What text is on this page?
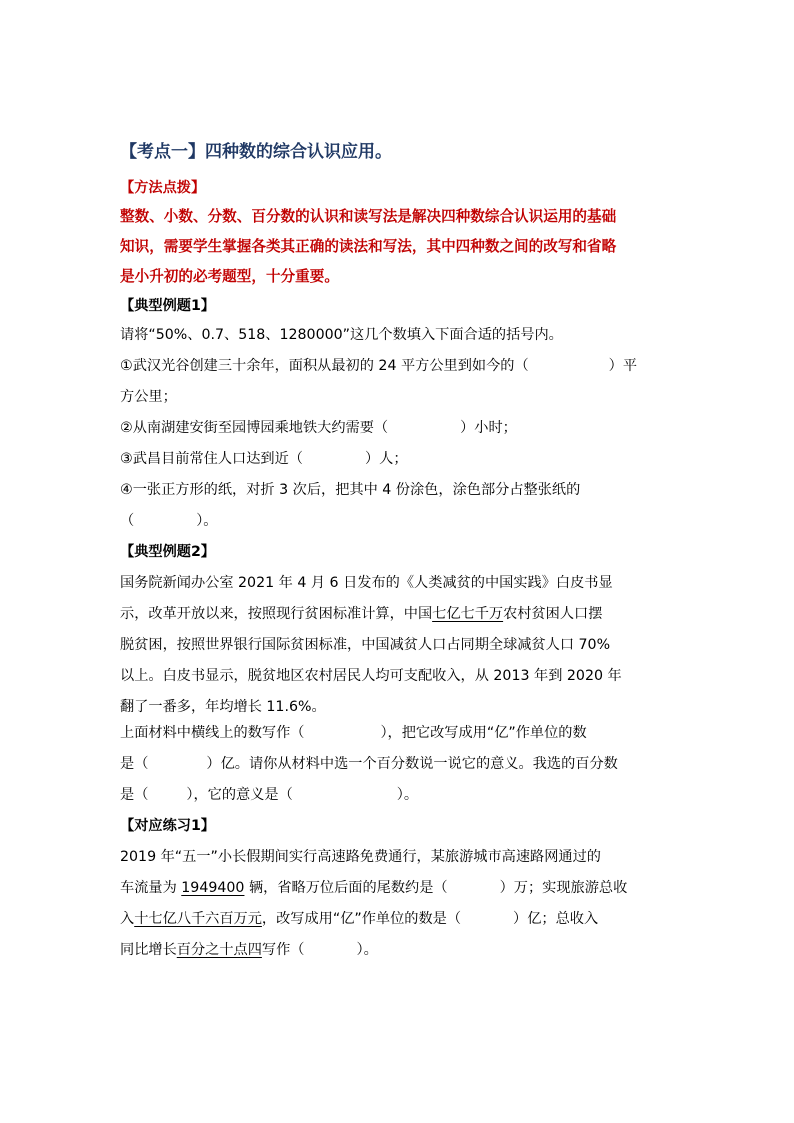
【考点一】四种数的综合认识应用。
【方法点拨】
整数、小数、分数、百分数的认识和读写法是解决四种数综合认识运用的基础
知识，需要学生掌握各类其正确的读法和写法，其中四种数之间的改写和省略
是小升初的必考题型，十分重要。
【典型例题1】
请将“50%、0.7、518、1280000”这几个数填入下面合适的括号内。
①武汉光谷创建三十余年，面积从最初的 24 平方公里到如今的（	）平
方公里；
②从南湖建安街至园博园乘地铁大约需要（	）小时；
③武昌目前常住人口达到近（	）人；
④一张正方形的纸，对折 3 次后，把其中 4 份涂色，涂色部分占整张纸的
（	）。
【典型例题2】
国务院新闻办公室 2021 年 4 月 6 日发布的《人类减贫的中国实践》白皮书显
示，改革开放以来，按照现行贫困标准计算，中国七亿七千万农村贫困人口摆
脱贫困，按照世界银行国际贫困标准，中国减贫人口占同期全球减贫人口 70%
以上。白皮书显示，脱贫地区农村居民人均可支配收入，从 2013 年到 2020 年
翻了一番多，年均增长 11.6%。
上面材料中横线上的数写作（	），把它改写成用“亿”作单位的数
是（	）亿。请你从材料中选一个百分数说一说它的意义。我选的百分数
是（	），它的意义是（	）。
【对应练习1】
2019 年“五一”小长假期间实行高速路免费通行，某旅游城市高速路网通过的
车流量为 1949400 辆，省略万位后面的尾数约是（	）万；实现旅游总收
入十七亿八千六百万元，改写成用“亿”作单位的数是（	）亿；总收入
同比增长百分之十点四写作（	）。
